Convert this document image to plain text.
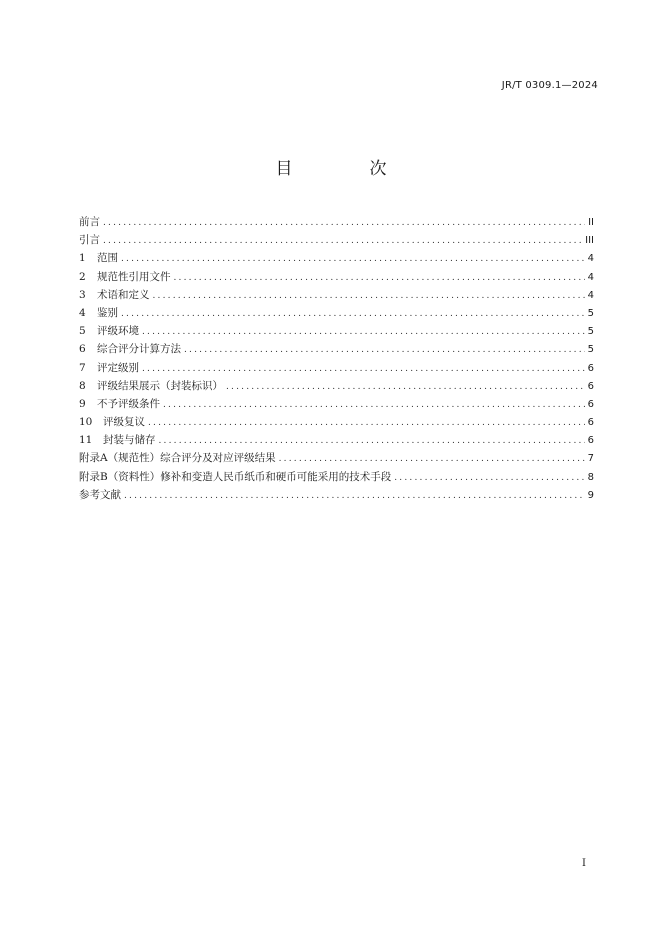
JR/T 0309.1—2024
目　次
前言 .....	II
引言 .....	III
1	范围 .....	4
2	规范性引用文件 .....	4
3	术语和定义 .....	4
4	鉴别 .....	5
5	评级环境 .....	5
6	综合评分计算方法 .....	5
7	评定级别 .....	6
8	评级结果展示（封装标识） .....	6
9	不予评级条件 .....	6
10	评级复议 .....	6
11	封装与储存 .....	6
附录A（规范性）综合评分及对应评级结果 .....	7
附录B（资料性）修补和变造人民币纸币和硬币可能采用的技术手段 .....	8
参考文献 .....	9
I
